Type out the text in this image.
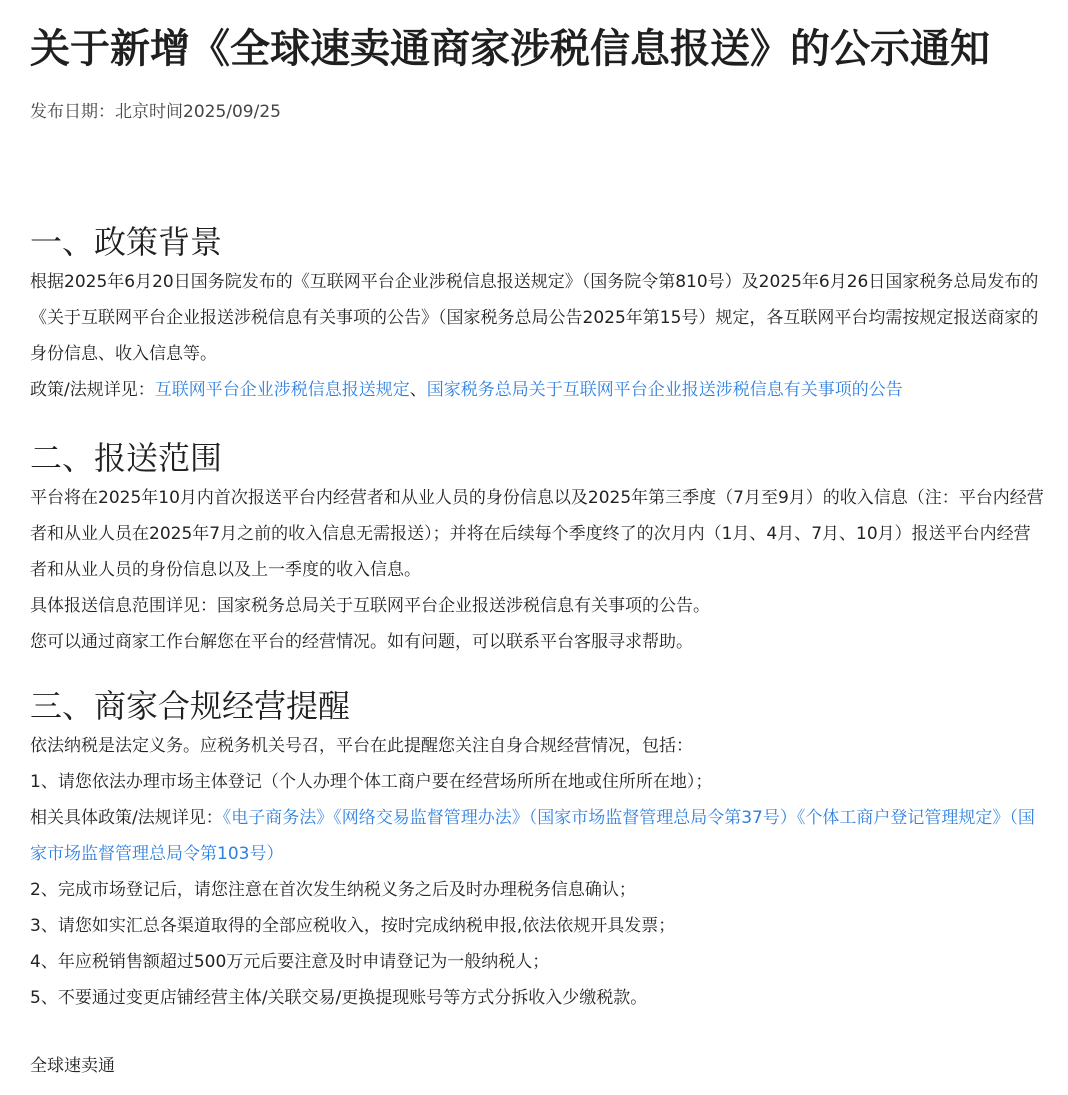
关于新增《全球速卖通商家涉税信息报送》的公示通知
发布日期：北京时间2025/09/25
一、政策背景

根据2025年6月20日国务院发布的《互联网平台企业涉税信息报送规定》（国务院令第810号）及2025年6月26日国家税务总局发布的《关于互联网平台企业报送涉税信息有关事项的公告》（国家税务总局公告2025年第15号）规定，各互联网平台均需按规定报送商家的身份信息、收入信息等。

政策/法规详见：互联网平台企业涉税信息报送规定、国家税务总局关于互联网平台企业报送涉税信息有关事项的公告

二、报送范围

平台将在2025年10月内首次报送平台内经营者和从业人员的身份信息以及2025年第三季度（7月至9月）的收入信息（注：平台内经营者和从业人员在2025年7月之前的收入信息无需报送）；并将在后续每个季度终了的次月内（1月、4月、7月、10月）报送平台内经营者和从业人员的身份信息以及上一季度的收入信息。

具体报送信息范围详见：国家税务总局关于互联网平台企业报送涉税信息有关事项的公告。

您可以通过商家工作台解您在平台的经营情况。如有问题，可以联系平台客服寻求帮助。

三、商家合规经营提醒

依法纳税是法定义务。应税务机关号召，平台在此提醒您关注自身合规经营情况，包括：

1、请您依法办理市场主体登记（个人办理个体工商户要在经营场所所在地或住所所在地）；

相关具体政策/法规详见：《电子商务法》《网络交易监督管理办法》（国家市场监督管理总局令第37号）《个体工商户登记管理规定》（国家市场监督管理总局令第103号）

2、完成市场登记后，请您注意在首次发生纳税义务之后及时办理税务信息确认；

3、请您如实汇总各渠道取得的全部应税收入，按时完成纳税申报,依法依规开具发票；

4、年应税销售额超过500万元后要注意及时申请登记为一般纳税人；

5、不要通过变更店铺经营主体/关联交易/更换提现账号等方式分拆收入少缴税款。

全球速卖通
